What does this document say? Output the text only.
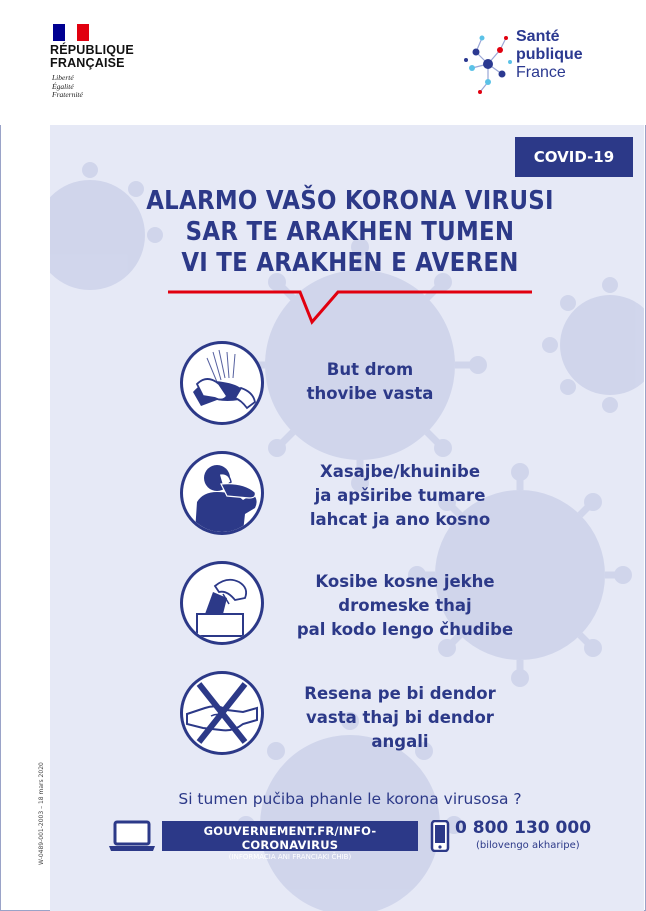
RÉPUBLIQUE
FRANÇAISE
Liberté
Égalité
Fraternité
Santé
publique
France
COVID-19
ALARMO VAŠO KORONA VIRUSI
SAR TE ARAKHEN TUMEN
VI TE ARAKHEN E AVEREN
But drom
thovibe vasta
Xasajbe/khuinibe
ja apširibe tumare
lahcat ja ano kosno
Kosibe kosne jekhe
dromeske thaj
pal kodo lengo čhudibe
Resena pe bi dendor
vasta thaj bi dendor
angali
Si tumen pučiba phanle le korona virusosa ?
GOUVERNEMENT.FR/INFO-CORONAVIRUS
(INFORMACIA ANI FRANCIAKI ČHIB)
0 800 130 000
(bilovengo akharipe)
W-0489-001-2003 – 18 mars 2020
